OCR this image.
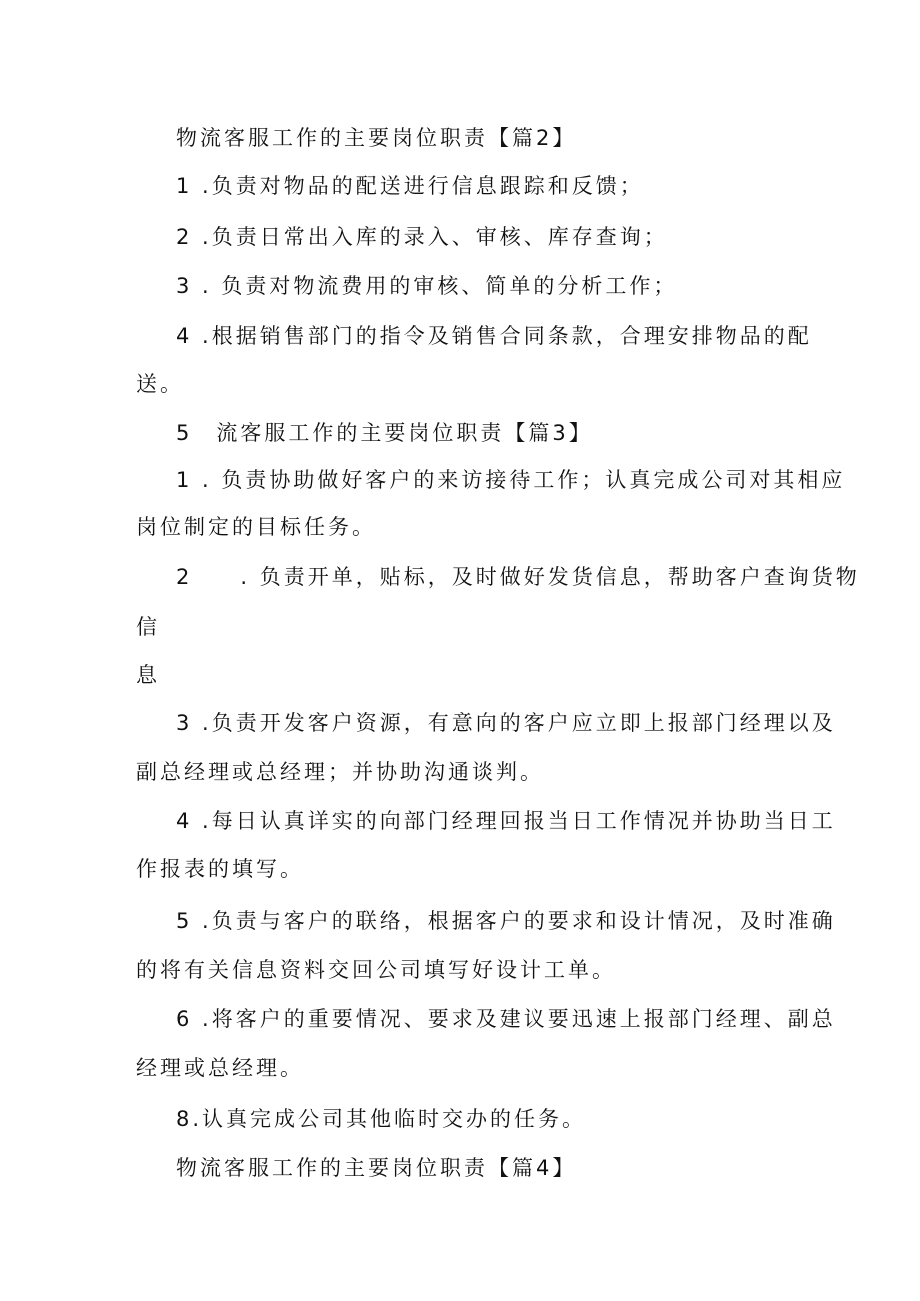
物流客服工作的主要岗位职责【篇2】
1 .负责对物品的配送进行信息跟踪和反馈；
2 .负责日常出入库的录入、审核、库存查询；
3 . 负责对物流费用的审核、简单的分析工作；
4 .根据销售部门的指令及销售合同条款，合理安排物品的配
送。
5　流客服工作的主要岗位职责【篇3】
1 . 负责协助做好客户的来访接待工作；认真完成公司对其相应
岗位制定的目标任务。
2　　. 负责开单，贴标，及时做好发货信息，帮助客户查询货物
信
息
3 .负责开发客户资源，有意向的客户应立即上报部门经理以及
副总经理或总经理；并协助沟通谈判。
4 .每日认真详实的向部门经理回报当日工作情况并协助当日工
作报表的填写。
5 .负责与客户的联络，根据客户的要求和设计情况，及时准确
的将有关信息资料交回公司填写好设计工单。
6 .将客户的重要情况、要求及建议要迅速上报部门经理、副总
经理或总经理。
8.认真完成公司其他临时交办的任务。
物流客服工作的主要岗位职责【篇4】
